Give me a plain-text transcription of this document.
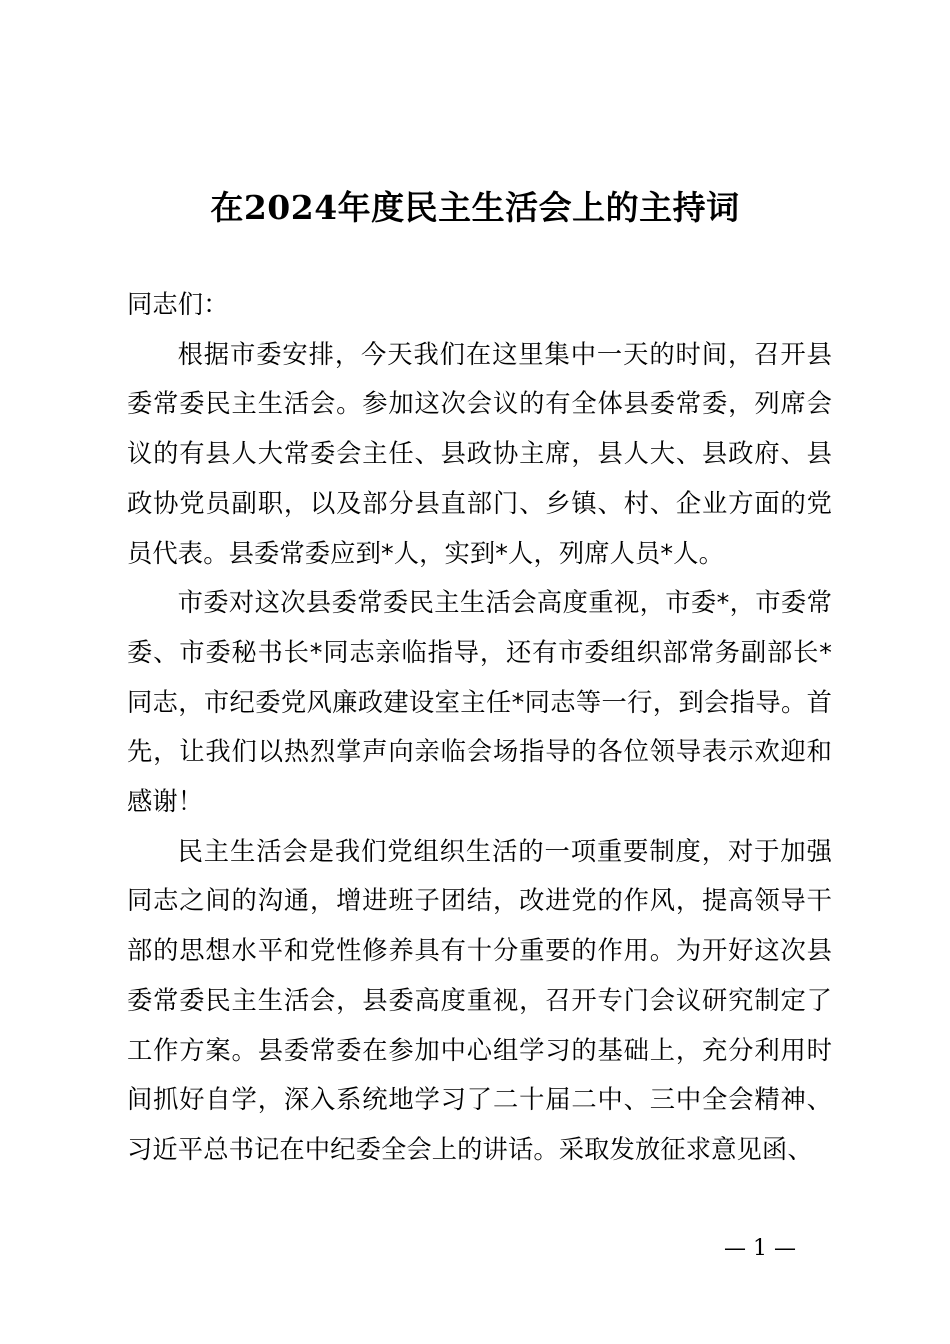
在2024年度民主生活会上的主持词

同志们：

根据市委安排，今天我们在这里集中一天的时间，召开县委常委民主生活会。参加这次会议的有全体县委常委，列席会议的有县人大常委会主任、县政协主席，县人大、县政府、县政协党员副职，以及部分县直部门、乡镇、村、企业方面的党员代表。县委常委应到*人，实到*人，列席人员*人。

市委对这次县委常委民主生活会高度重视，市委*，市委常委、市委秘书长*同志亲临指导，还有市委组织部常务副部长*同志，市纪委党风廉政建设室主任*同志等一行，到会指导。首先，让我们以热烈掌声向亲临会场指导的各位领导表示欢迎和感谢！

民主生活会是我们党组织生活的一项重要制度，对于加强同志之间的沟通，增进班子团结，改进党的作风，提高领导干部的思想水平和党性修养具有十分重要的作用。为开好这次县委常委民主生活会，县委高度重视，召开专门会议研究制定了工作方案。县委常委在参加中心组学习的基础上，充分利用时间抓好自学，深入系统地学习了二十届二中、三中全会精神、习近平总书记在中纪委全会上的讲话。采取发放征求意见函、

— 1 —
